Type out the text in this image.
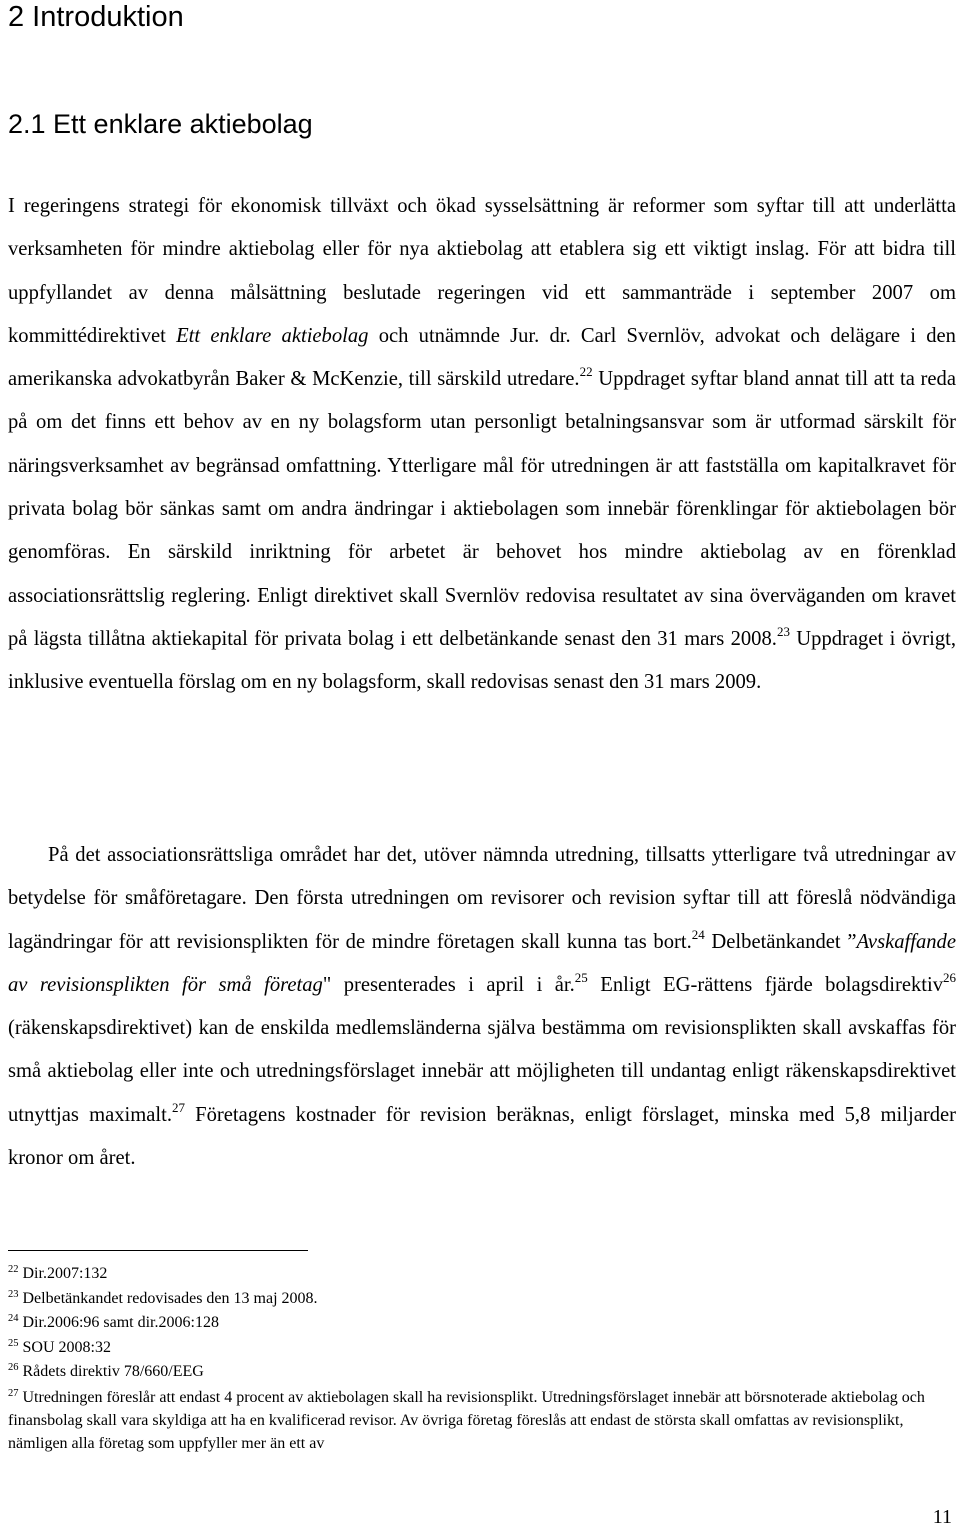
2 Introduktion
2.1 Ett enklare aktiebolag

I regeringens strategi för ekonomisk tillväxt och ökad sysselsättning är reformer som syftar till att underlätta verksamheten för mindre aktiebolag eller för nya aktiebolag att etablera sig ett viktigt inslag. För att bidra till uppfyllandet av denna målsättning beslutade regeringen vid ett sammanträde i september 2007 om kommittédirektivet Ett enklare aktiebolag och utnämnde Jur. dr. Carl Svernlöv, advokat och delägare i den amerikanska advokatbyrån Baker & McKenzie, till särskild utredare.$^{22}$ Uppdraget syftar bland annat till att ta reda på om det finns ett behov av en ny bolagsform utan personligt betalningsansvar som är utformad särskilt för näringsverksamhet av begränsad omfattning. Ytterligare mål för utredningen är att fastställa om kapitalkravet för privata bolag bör sänkas samt om andra ändringar i aktiebolagen som innebär förenklingar för aktiebolagen bör genomföras. En särskild inriktning för arbetet är behovet hos mindre aktiebolag av en förenklad associationsrättslig reglering. Enligt direktivet skall Svernlöv redovisa resultatet av sina överväganden om kravet på lägsta tillåtna aktiekapital för privata bolag i ett delbetänkande senast den 31 mars 2008.23 Uppdraget i övrigt, inklusive eventuella förslag om en ny bolagsform, skall redovisas senast den 31 mars 2009.

På det associationsrättsliga området har det, utöver nämnda utredning, tillsatts ytterligare två utredningar av betydelse för småföretagare. Den första utredningen om revisorer och revision syftar till att föreslå nödvändiga lagändringar för att revisionsplikten för de mindre företagen skall kunna tas bort.$^{24}$ Delbetänkandet ”Avskaffande av revisionsplikten för små företag" presenterades i april i år.$^{25}$ Enligt EG-rättens fjärde bolagsdirektiv$^{26}$ (räkenskapsdirektivet) kan de enskilda medlemsländerna själva bestämma om revisionsplikten skall avskaffas för små aktiebolag eller inte och utredningsförslaget innebär att möjligheten till undantag enligt räkenskapsdirektivet utnyttjas maximalt.$^{27}$ Företagens kostnader för revision beräknas, enligt förslaget, minska med 5,8 miljarder kronor om året.

$^{22}$ Dir.2007:132
$^{23}$ Delbetänkandet redovisades den 13 maj 2008.
$^{24}$ Dir.2006:96 samt dir.2006:128
$^{25}$ SOU 2008:32
$^{26}$ Rådets direktiv 78/660/EEG
$^{27}$ Utredningen föreslår att endast 4 procent av aktiebolagen skall ha revisionsplikt. Utredningsförslaget innebär att börsnoterade aktiebolag och finansbolag skall vara skyldiga att ha en kvalificerad revisor. Av övriga företag föreslås att endast de största skall omfattas av revisionsplikt, nämligen alla företag som uppfyller mer än ett av
11
